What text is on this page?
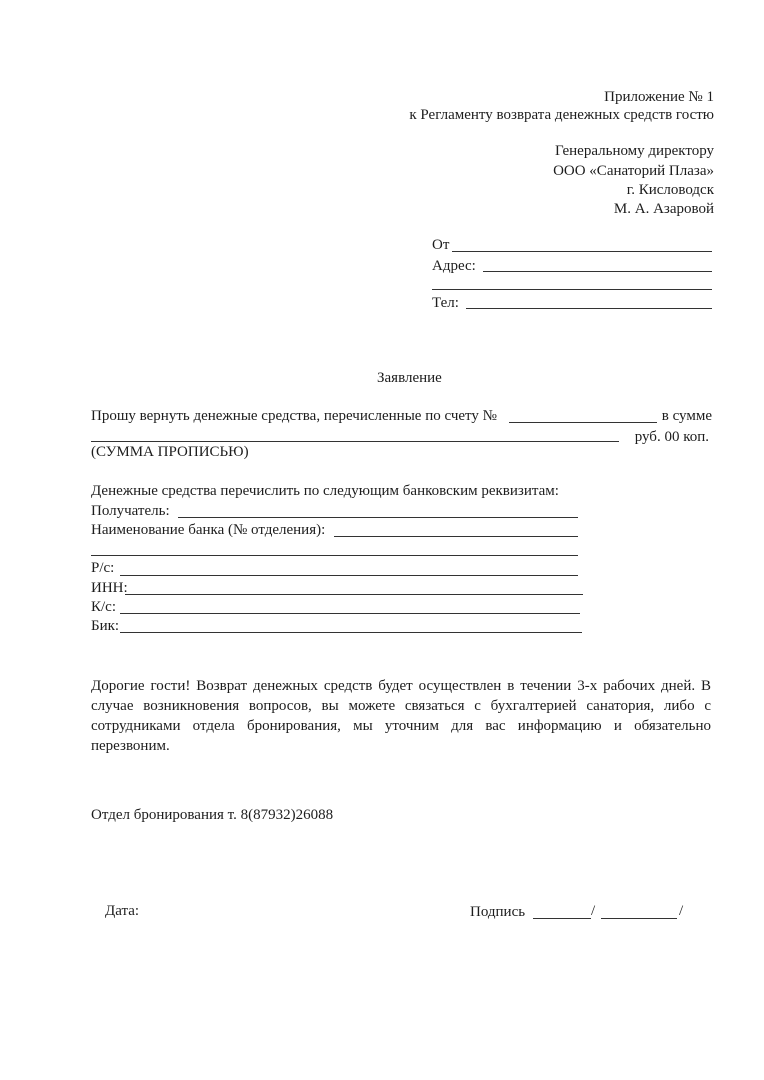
Приложение № 1
к Регламенту возврата денежных средств гостю
Генеральному директору
ООО «Санаторий Плаза»
г. Кисловодск
М. А. Азаровой
От
Адрес:
Тел:
Заявление
Прошу вернуть денежные средства, перечисленные по счету №	в сумме
руб. 00 коп.
(СУММА ПРОПИСЬЮ)
Денежные средства перечислить по следующим банковским реквизитам:
Получатель:
Наименование банка (№ отделения):
Р/с:
ИНН:
К/с:
Бик:
Дорогие гости! Возврат денежных средств будет осуществлен в течении 3-х рабочих дней. В
случае возникновения вопросов, вы можете связаться с бухгалтерией санатория, либо с
сотрудниками отдела бронирования, мы уточним для вас информацию и обязательно
перезвоним.
Отдел бронирования т. 8(87932)26088
Дата:	Подпись	/	/
